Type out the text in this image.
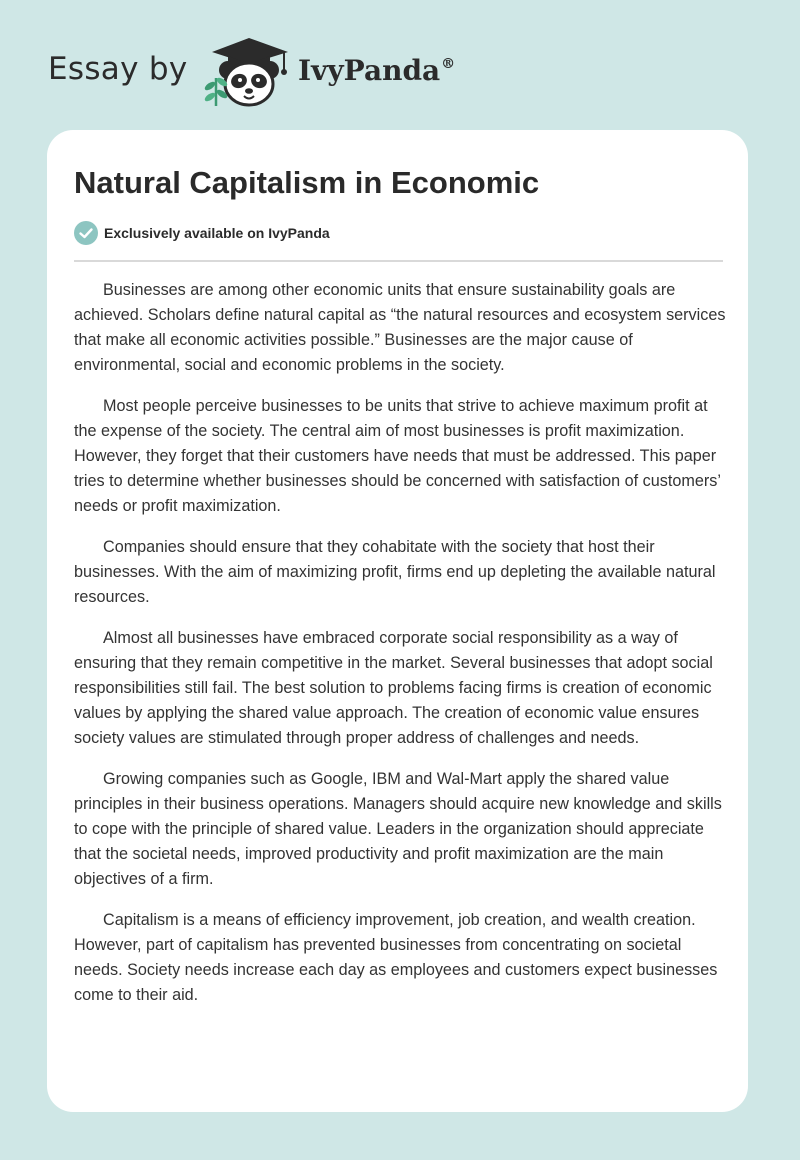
Essay by	IvyPanda®
Natural Capitalism in Economic
Exclusively available on IvyPanda

Businesses are among other economic units that ensure sustainability goals are achieved. Scholars define natural capital as “the natural resources and ecosystem services that make all economic activities possible.” Businesses are the major cause of environmental, social and economic problems in the society.

Most people perceive businesses to be units that strive to achieve maximum profit at the expense of the society. The central aim of most businesses is profit maximization. However, they forget that their customers have needs that must be addressed. This paper tries to determine whether businesses should be concerned with satisfaction of customers’ needs or profit maximization.

Companies should ensure that they cohabitate with the society that host their businesses. With the aim of maximizing profit, firms end up depleting the available natural resources.

Almost all businesses have embraced corporate social responsibility as a way of ensuring that they remain competitive in the market. Several businesses that adopt social responsibilities still fail. The best solution to problems facing firms is creation of economic values by applying the shared value approach. The creation of economic value ensures society values are stimulated through proper address of challenges and needs.

Growing companies such as Google, IBM and Wal-Mart apply the shared value principles in their business operations. Managers should acquire new knowledge and skills to cope with the principle of shared value. Leaders in the organization should appreciate that the societal needs, improved productivity and profit maximization are the main objectives of a firm.

Capitalism is a means of efficiency improvement, job creation, and wealth creation. However, part of capitalism has prevented businesses from concentrating on societal needs. Society needs increase each day as employees and customers expect businesses come to their aid.
